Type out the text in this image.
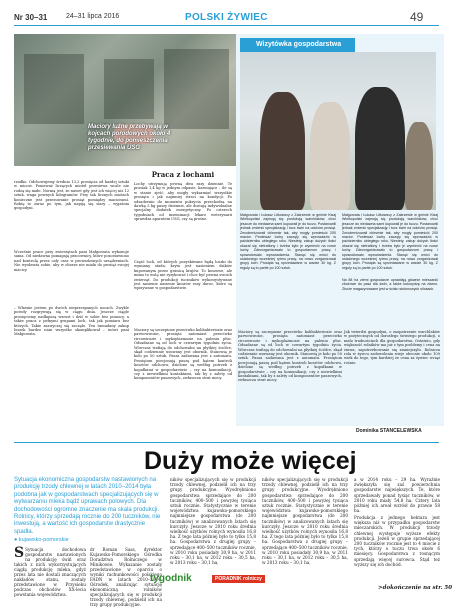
Nr 30–31	24–31 lipca 2016	POLSKI ŻYWIEC	49
Maciory luźne przebywają w kojcach porodowych około 4 tygodnie, do pomieszczenia przesiewania USG
Wizytówka gospodarstwa
Małgorzata i Łukasz Litkowscy z Zakrzewie w gminie Kisaj Wielkopolski zajmują się produkcją warchlaków, choć jeszcze do niedawna sami kupowali je do tuczu. Postanowili jednak zmienić specjalizację i tucz świń na odchów prosiąt. Zmodernizowali chlewnie tak, aby mogły pomieścić 200 macior. Ponieważ lochy zaczęły się wprowadzić w pażdzierniku ubiegłego roku. Niestety, zakup dużych ilości okazał się nietrafiony i trzeba było je wymienić na nowe lochy. Zdezorganizowało to gospodarzom pracę i spowodowało wprowadzenia. Stanąć się wróci do ustalonego wcześniej rytmu pracy, na nowo zorganizował grupy loch. Prosięta są sprzedawane w wadze 30 kg. Z reguły są to partie po 100 sztuk.
Małgorzata i Łukasz Litkowscy z Zakrzewie w gminie Kisaj Wielkopolski zajmują się produkcją warchlaków, choć jeszcze do niedawna sami kupowali je do tuczu. Postanowili jednak zmienić specjalizację i tucz świń na odchów prosiąt. Zmodernizowali chlewnie tak, aby mogły pomieścić 200 macior. Ponieważ lochy zaczęły się wprowadzić w pażdzierniku ubiegłego roku. Niestety, zakup dużych ilości okazał się nietrafiony i trzeba było je wymienić na nowe lochy. Zdezorganizowało to gospodarzom pracę i spowodowało wprowadzenia. Stanąć się wróci do ustalonego wcześniej rytmu pracy, na nowo zorganizował grupy loch. Prosięta są sprzedawane w wadze 30 kg. Z reguły są to partie po 100 sztuk.
Na 88 ha ziemi gospodarze uprawiają głównie mieszanki zbożowe do pasz dla świń, a także kukurydzę na ziarno. Zboże magazynowane jest w ścisłu stutonowych silosach.
rzadko. Odchowujemy średnio 13,2 prosięcia od każdej sztuki w miocie. Ponieważ liczących mioteł przesiewa wcale nie rodzą się małe. Normą jest, że nawet gdy jest ich więcej niż 12 sztuk, waga pewnych kilogramów. Przy tak licznych miotach konieczne jest przesuwanie prosiąt pomiędzy maciorami. Robię to zaraz po tym, jak napiją się siary – wyjaśnia gospodyni.
Wcześnie prace przy zwierzętach pani Małgorzata wykonuje sama. Od niedawna pomagają pracownicy, które pozostawiono nad kontrolą przez cały czas w prowadzonych urządzeniach. Nie wyobraża sobie, aby w oborze nie miała do prosiąt swojej macicy.
– Właśnie jestem po dwóch nieprzespanych nocach. Zwykle porody rozgrywają się w ciągu dnia. Jeszcze ciągle prosięciemy nadłapszą wzrost i dziś w sobie bez pomocy, a także praca z pełnymi grupami loch, tak jak pomiaru bez których. Takie zazwyczaj się zaczęło. Ten tumudany zakup loszek bardzo nam wszystko skomplikował – mówi pani Małgorzata.
Praca z lochami
Lochy utrzymują pewną dwa razy dziennie. Te prosiak 1,4 kg w jednym odpasie, karmujące – ile są w stanie zjeść, aby mogły wykarmiać wszystkie prosięta i jak najmniej straci na kondycji. Po odsadzeniu do momentu pokrycia przechodzą na dawkę 5 kg paszy dziennie, ale dostają indywidualne specjalny dodatek energetyczny. Po czterech tygodniach od inseminacji lekarz weterynarii sprawdza aparatem USG, czy są prośne.
Część loch, od których pozyskiwane będą loszki do wymiany stada, kryta jest nasieniem dzików kupowanym przez granicą krajów. To koszowe, ale mimo to wolę nie ryzykować i chce być pewna swoich zwierząt. Do produkcji tuczników wykorzystywane jest nasienie nasienie knurów rasy duroc, które są wpisywane w gospodarstwie.
Maciory są szczepione przeciwko kolibakteriozie oraz parwowirozie, prosięta natomiast przeciwko circowirozie i mykoplazmozie na paleniu płuc. Odsadzane są od loch w czwartym tygodniu życia. Wówczas trafiają do odchowalni na płytkiej ściółce, skąd codziennie usuwany jest obornik. Stanowią je koło po 50 sztuk. Pasza zadawana jest z automatu. Prosiętom porcjonują paszę pod kątem kontroli kosztów odchowu, dzielone są według potrzeb z kopułkami w gospodarstwie – czy na komunikacji, czy z niewielkimi kontaktami, tak by z zalety od komponentów paszowych, zwłaszcza strat mocy.
Maciory są szczepione przeciwko kolibakteriozie oraz parwowirozie, prosięta natomiast przeciwko circowirozie i mykoplazmozie na paleniu płuc. Odsadzane są od loch w czwartym tygodniu życia. Wówczas trafiają do odchowalni na płytkiej ściółce, skąd codziennie usuwany jest obornik. Stanowią je koło po 50 sztuk. Pasza zadawana jest z automatu. Prosiętom porcjonują paszę pod kątem kontroli kosztów odchowu, dzielone są według potrzeb z kopułkami w gospodarstwie – czy na komunikacji, czy z niewielkimi kontaktami, tak by z zalety od komponentów paszowych, zwłaszcza strat mocy.
Jak twierdzi gospodyni, o zaopatrzenie warchlaków w pożytecznych od dorosłego świeżego produkcji, o mało trudnościach dla gospodarstwa. Ostatnio, gdy większość rolników ma już z tym problemy i cena na żniwa, zapotrzebowanie się zmniejszyło. Rolnicza rola w żywcu zadowolenia wieje obecnie około 100 wiek do tego, tym bardziej że cena za żywiec wciąż rośnie.
Dominika STANCELEWSKA
Duży może więcej
Sytuacja ekonomiczna gospodarstw nastawionych na produkcję trzody chlewnej w latach 2010–2014 była podobna jak w gospodarstwach specjalizujących się w wytwarzaniu mleka bądź uprawach polowych. Dla dochodowości ogromne znaczenie ma skala produkcji. Rolnicy, którzy sprzedają rocznie do 200 tuczników, nie inwestują, a wartość ich gospodarstw drastycznie spadła.
● kujawsko-pomorskie
S Sytuacja dochodowa gospodarstw nastawionych na produkcję świń oraz takich z nich wykorzystujących ciągłą produkcję mleka, gdyż przez lata nie dostali znaczących nakładów stanu, zostały przedstawione w Przysieku podczas obchodów XX-lecia powstania województwa.
dr Roman Sass, dyrektor Kujawsko-Pomorskiego Ośrodka Doradztwa Rolniczego w Minikowie. Wykazanie zostały przedstawione w oparciu o wyniki rachunkowości polskiego FADN w latach 2010–2014. Ośrodek, analizując sytuację ekonomiczną rolników specjalizujących się w produkcji trzody chlewnej, podzielił ich na trzy grupy produkcyjne.
ników specjalizujących się w produkcji trzody chlewnej, podzielił ich na trzy grupy produkcyjne. Wyodrębniono gospodarstwa sprzedające do 200 tuczników, 400–500 i powyżej tysiąca sztuk rocznie. Statystycznie w terenie województwa kujawsko-pomorskiego najmniejsze gospodarstwa (do 200 tuczników) w analizowanych latach się kurczyły. Jeszcze w 2010 roku średnia wielkość użytków rolnych wynosiła 16,8 ha. Z tego lata później było to tylko 15,8 ha. Gospodarstwa z drugiej grupy – sprzedające 400–500 tuczników rocznie, w 2010 roku posiadały 30,9 ha, w 2011 roku – 30,1 ha, w 2012 roku – 30,5 ha, w 2013 roku – 30,1 ha,
ników specjalizujących się w produkcji trzody chlewnej, podzielił ich na trzy grupy produkcyjne. Wyodrębniono gospodarstwa sprzedające do 200 tuczników, 400–500 i powyżej tysiąca sztuk rocznie. Statystycznie w terenie województwa kujawsko-pomorskiego najmniejsze gospodarstwa (do 200 tuczników) w analizowanych latach się kurczyły. Jeszcze w 2010 roku średnia wielkość użytków rolnych wynosiła 16,8 ha. Z tego lata później było to tylko 15,8 ha. Gospodarstwa z drugiej grupy – sprzedające 400–500 tuczników rocznie, w 2010 roku posiadały 30,9 ha, w 2011 roku – 30,1 ha, w 2012 roku – 30,5 ha, w 2013 roku – 30,1 ha,
a w 2014 roku – 29 ha. Wyraźnie zwiększyła się zaś powierzchnia gospodarstw największych. Te, które sprzedawały ponad tysiąc tuczników, w 2010 roku miały 54,8 ha. Cztery lata później ich areał wzrósł do prawie 58 ha.
Produkcja z jednego hektara jest większa niż w przypadku gospodarstw mleczarskich. W produkcji trzody chlewnej występuje wyższe efekty produkcji. Jeżeli w grupie sprzedającej 200 tuczników rocznie jest to 4 miocie z tych, którzy o tuczu trwa około 6 miesięcy. Gospodarstwa z rosnącym sprzedają więcej surowca. Stąd też wyższy się ich dochód.
tygodnik	PORADNIK rolniczy
>dokończenie na str. 50
